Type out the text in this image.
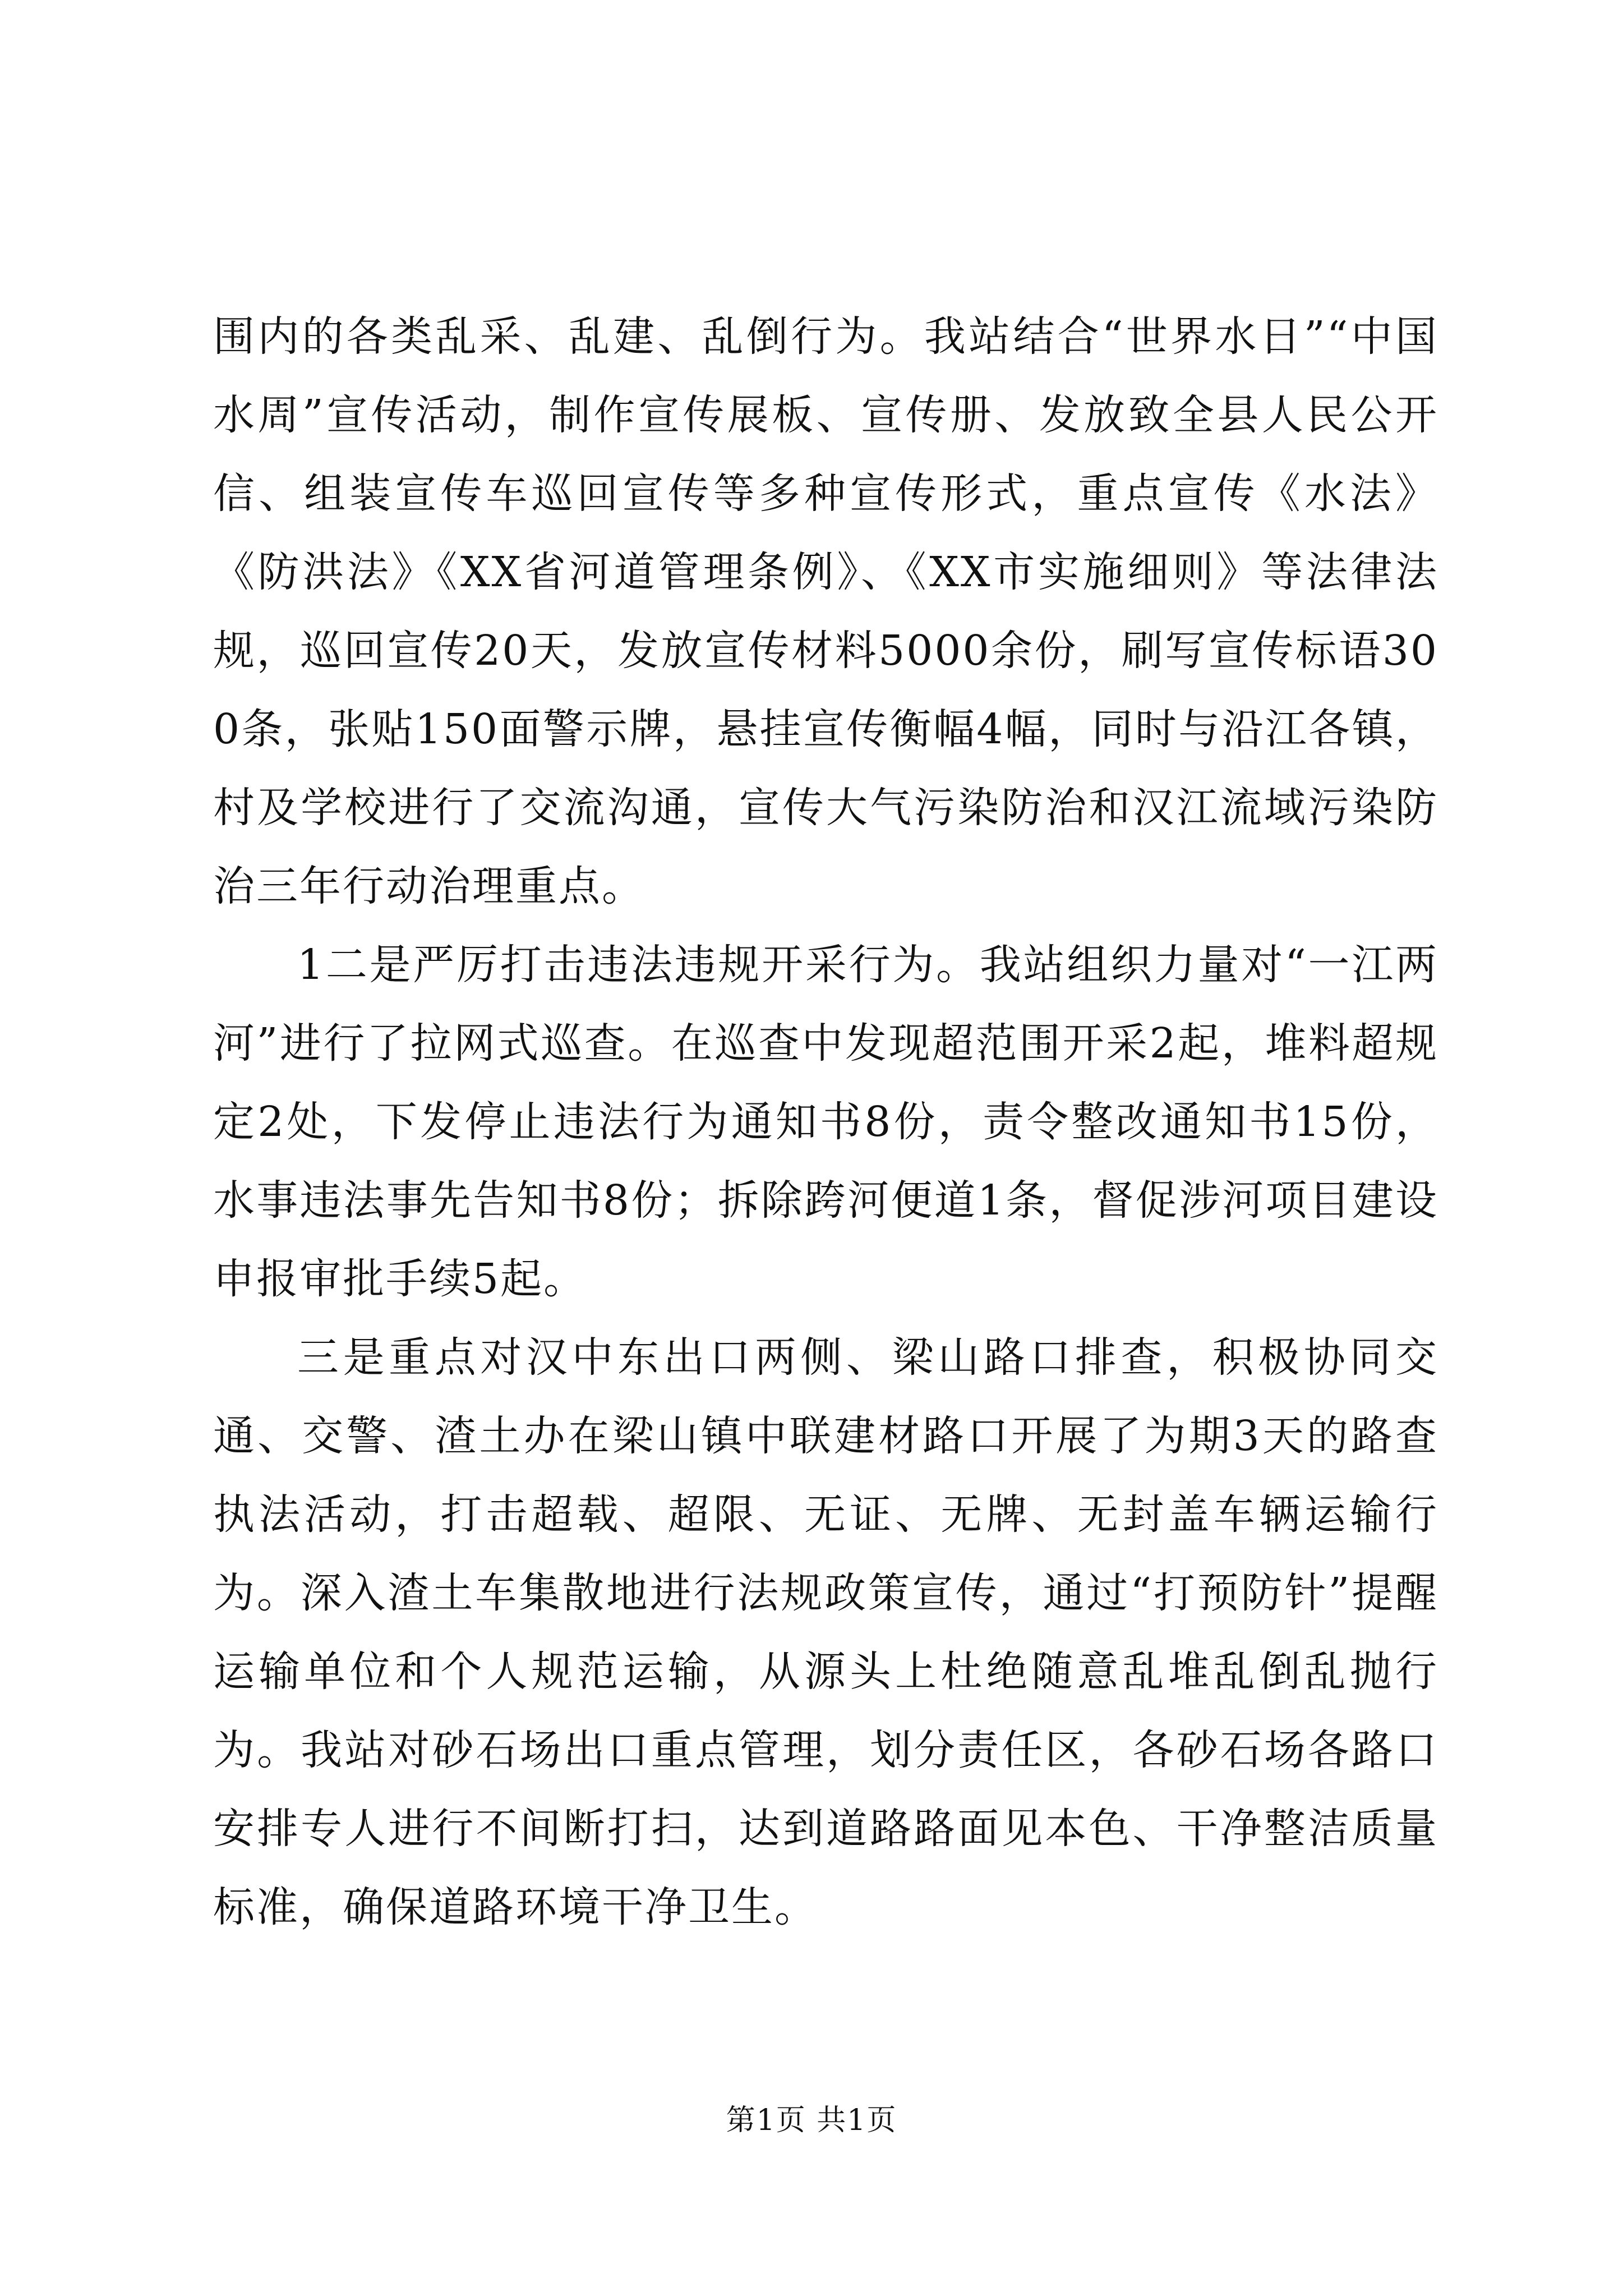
围内的各类乱采、乱建、乱倒行为。我站结合“世界水日”“中国水周”宣传活动，制作宣传展板、宣传册、发放致全县人民公开信、组装宣传车巡回宣传等多种宣传形式，重点宣传《水法》《防洪法》《XX省河道管理条例》、《XX市实施细则》等法律法规，巡回宣传20天，发放宣传材料5000余份，刷写宣传标语300条，张贴150面警示牌，悬挂宣传衡幅4幅，同时与沿江各镇，村及学校进行了交流沟通，宣传大气污染防治和汉江流域污染防治三年行动治理重点。

1二是严厉打击违法违规开采行为。我站组织力量对“一江两河”进行了拉网式巡查。在巡查中发现超范围开采2起，堆料超规定2处，下发停止违法行为通知书8份，责令整改通知书15份，水事违法事先告知书8份；拆除跨河便道1条，督促涉河项目建设申报审批手续5起。

三是重点对汉中东出口两侧、梁山路口排查，积极协同交通、交警、渣土办在梁山镇中联建材路口开展了为期3天的路查执法活动，打击超载、超限、无证、无牌、无封盖车辆运输行为。深入渣土车集散地进行法规政策宣传，通过“打预防针”提醒运输单位和个人规范运输，从源头上杜绝随意乱堆乱倒乱抛行为。我站对砂石场出口重点管理，划分责任区，各砂石场各路口安排专人进行不间断打扫，达到道路路面见本色、干净整洁质量标准，确保道路环境干净卫生。

第1页 共1页
